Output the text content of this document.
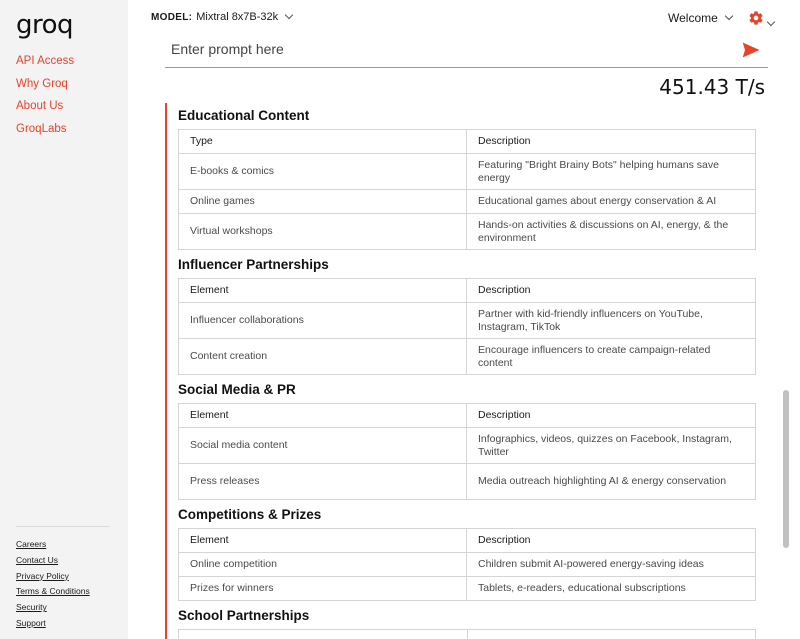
groq
API Access
Why Groq
About Us
GroqLabs
Careers
Contact Us
Privacy Policy
Terms & Conditions
Security
Support
MODEL: Mixtral 8x7B-32k	Welcome
Enter prompt here
451.43 T/s
Educational Content
Type	Description
E-books & comics	Featuring "Bright Brainy Bots" helping humans save energy
Online games	Educational games about energy conservation & AI
Virtual workshops	Hands-on activities & discussions on AI, energy, & the environment
Influencer Partnerships
Element	Description
Influencer collaborations	Partner with kid-friendly influencers on YouTube, Instagram, TikTok
Content creation	Encourage influencers to create campaign-related content
Social Media & PR
Element	Description
Social media content	Infographics, videos, quizzes on Facebook, Instagram, Twitter
Press releases	Media outreach highlighting AI & energy conservation
Competitions & Prizes
Element	Description
Online competition	Children submit AI-powered energy-saving ideas
Prizes for winners	Tablets, e-readers, educational subscriptions
School Partnerships
